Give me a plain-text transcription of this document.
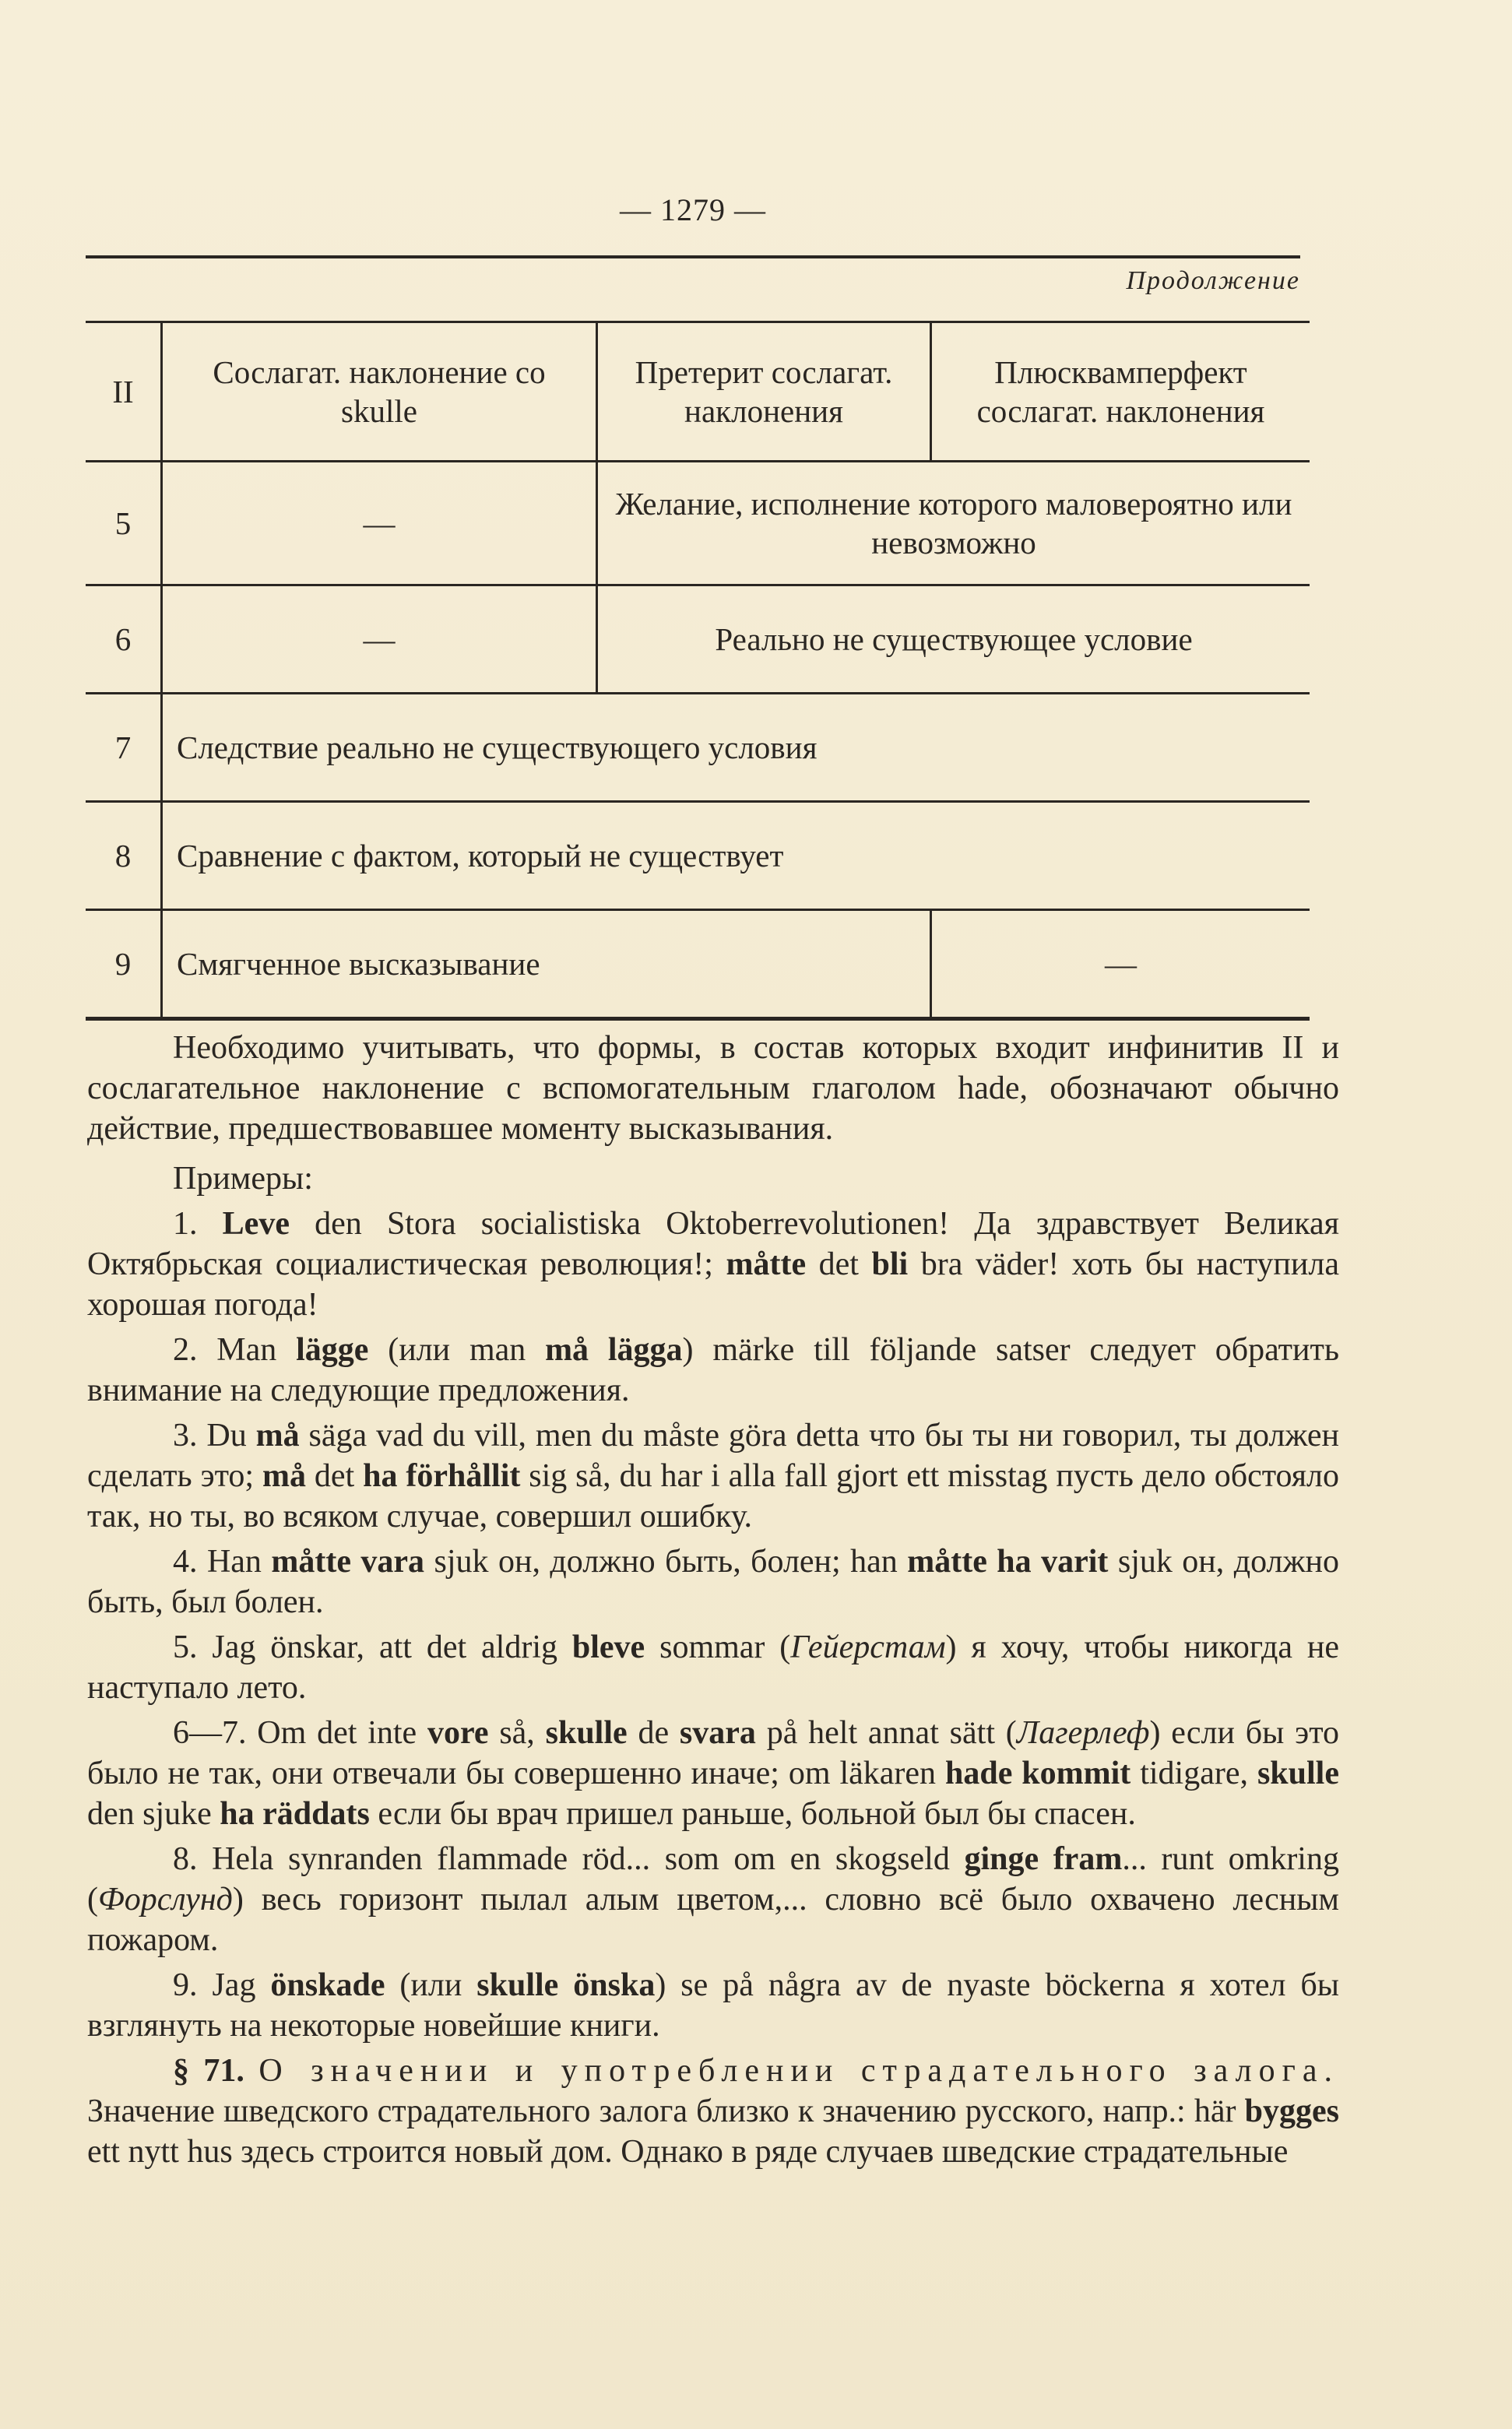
— 1279 —
Продолжение
II	Сослагат. наклонение со skulle	Претерит сослагат. наклонения	Плюсквамперфект сослагат. наклонения
5	—	Желание, исполнение которого маловероятно или невозможно	
6	—	Реально не существующее условие	
7	Следствие реально не существующего условия		
8	Сравнение с фактом, который не существует		
9	Смягченное высказывание		—

Необходимо учитывать, что формы, в состав которых входит инфинитив II и сослагательное наклонение с вспомогательным глаголом hade, обозначают обычно действие, предшествовавшее моменту высказывания.

Примеры:

1. Leve den Stora socialistiska Oktoberrevolutionen! Да здравствует Великая Октябрьская социалистическая революция!; måtte det bli bra väder! хоть бы наступила хорошая погода!

2. Man lägge (или man må lägga) märke till följande satser следует обратить внимание на следующие предложения.

3. Du må säga vad du vill, men du måste göra detta что бы ты ни говорил, ты должен сделать это; må det ha förhållit sig så, du har i alla fall gjort ett misstag пусть дело обстояло так, но ты, во всяком случае, совершил ошибку.

4. Han måtte vara sjuk он, должно быть, болен; han måtte ha varit sjuk он, должно быть, был болен.

5. Jag önskar, att det aldrig bleve sommar (Гейерстам) я хочу, чтобы никогда не наступало лето.

6—7. Om det inte vore så, skulle de svara på helt annat sätt (Лагерлеф) если бы это было не так, они отвечали бы совершенно иначе; om läkaren hade kommit tidigare, skulle den sjuke ha räddats если бы врач пришел раньше, больной был бы спасен.

8. Hela synranden flammade röd... som om en skogseld ginge fram... runt omkring (Форслунд) весь горизонт пылал алым цветом,... словно всё было охвачено лесным пожаром.

9. Jag önskade (или skulle önska) se på några av de nyaste böckerna я хотел бы взглянуть на некоторые новейшие книги.

§ 71. О значении и употреблении страдательного залога. Значение шведского страдательного залога близко к значению русского, напр.: här bygges ett nytt hus здесь строится новый дом. Однако в ряде случаев шведские страдательные
